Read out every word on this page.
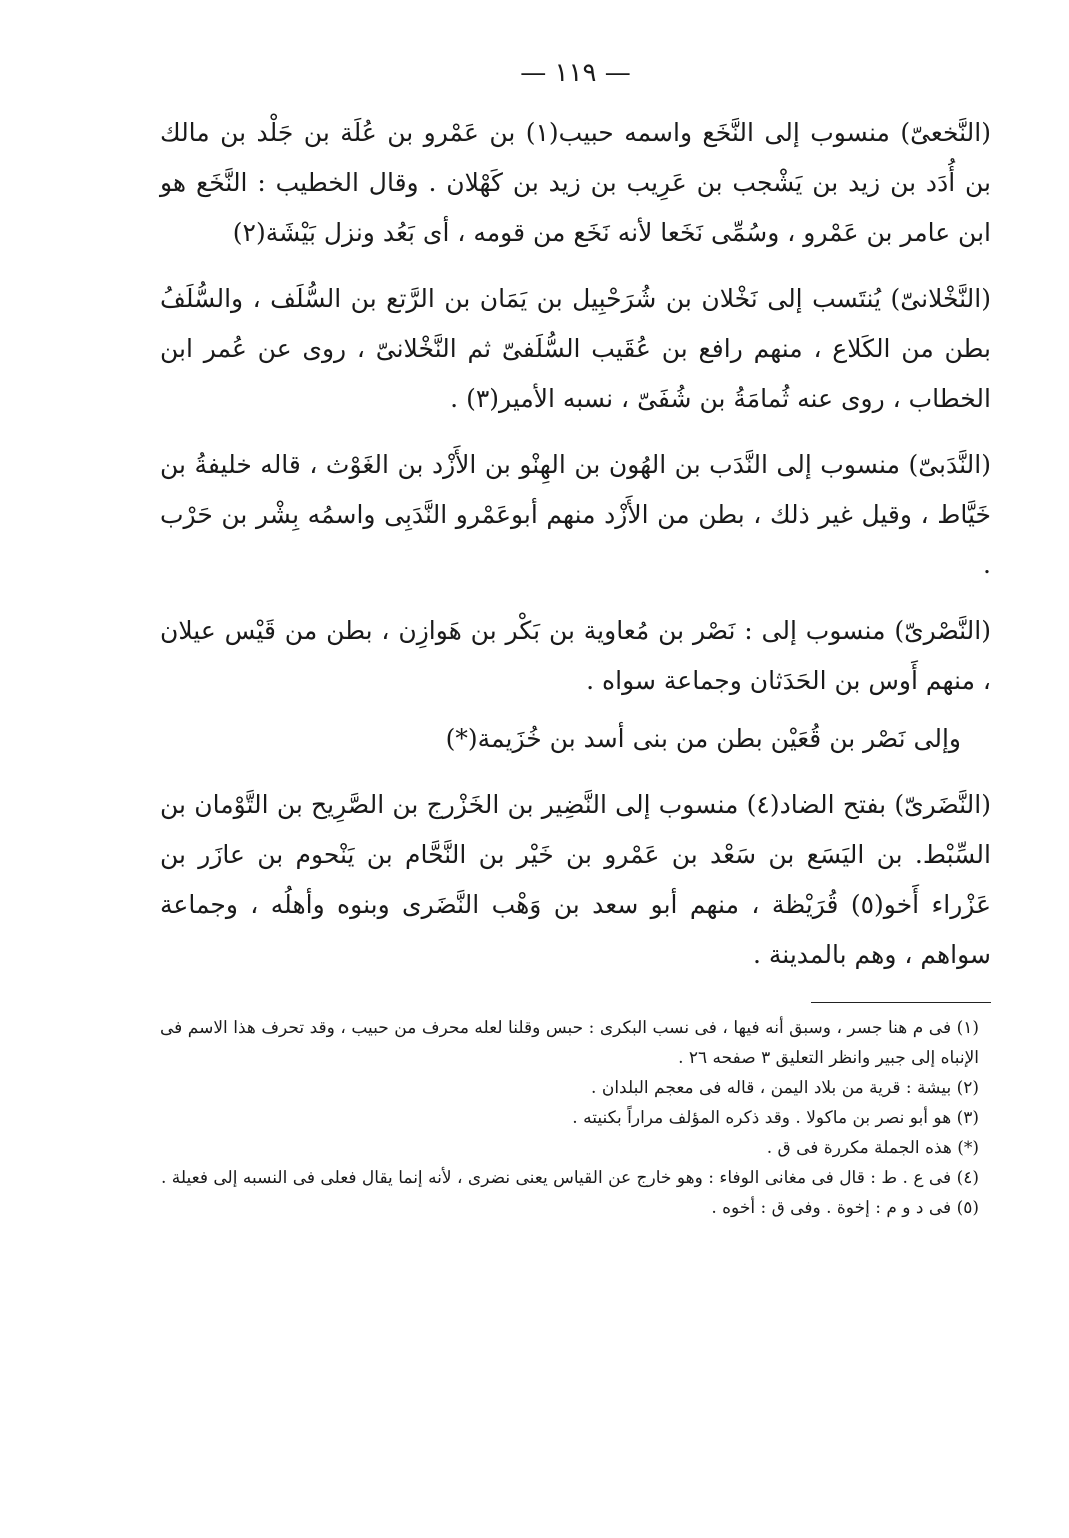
— ١١٩ —

(النَّخعىّ) منسوب إلى النَّخَع واسمه حبيب(١) بن عَمْرو بن عُلَة بن جَلْد بن مالك بن أُدَد بن زيد بن يَشْجب بن عَرِيب بن زيد بن كَهْلان . وقال الخطيب : النَّخَع هو ابن عامر بن عَمْرو ، وسُمِّى نَخَعا لأنه نَخَع من قومه ، أى بَعُد ونزل بَيْشَة(٢)

(النَّخْلانىّ) يُنتَسب إلى نَخْلان بن شُرَحْبِيل بن يَمَان بن الرَّتع بن السُّلَف ، والسُّلَفُ بطن من الكَلاع ، منهم رافع بن عُقَيب السُّلَفىّ ثم النَّخْلانىّ ، روى عن عُمر ابن الخطاب ، روى عنه ثُمامَةُ بن شُفَىّ ، نسبه الأمير(٣) .

(النَّدَبىّ) منسوب إلى النَّدَب بن الهُون بن الهِنْو بن الأَزْد بن الغَوْث ، قاله خليفةُ بن خَيَّاط ، وقيل غير ذلك ، بطن من الأَزْد منهم أبوعَمْرو النَّدَبِى واسمُه بِشْر بن حَرْب .

(النَّصْرىّ) منسوب إلى : نَصْر بن مُعاوية بن بَكْر بن هَوازِن ، بطن من قَيْس عيلان ، منهم أَوس بن الحَدَثان وجماعة سواه .

وإلى نَصْر بن قُعَيْن بطن من بنى أسد بن خُزَيمة(*)

(النَّضَرىّ) بفتح الضاد(٤) منسوب إلى النَّضِير بن الخَزْرج بن الصَّرِيح بن التَّوْمان بن السِّبْط. بن اليَسَع بن سَعْد بن عَمْرو بن خَيْر بن النَّحَّام بن يَنْحوم بن عازَر بن عَزْراء أَخو(٥) قُرَيْظة ، منهم أبو سعد بن وَهْب النَّضَرى وبنوه وأهلُه ، وجماعة سواهم ، وهم بالمدينة .

(١) فى م هنا جسر ، وسبق أنه فيها ، فى نسب البكرى : حبس وقلنا لعله محرف من حبيب ، وقد تحرف هذا الاسم فى الإنباه إلى جبير وانظر التعليق ٣ صفحه ٢٦ .

(٢) بيشة : قرية من بلاد اليمن ، قاله فى معجم البلدان .

(٣) هو أبو نصر بن ماكولا . وقد ذكره المؤلف مراراً بكنيته .

(*) هذه الجملة مكررة فى ق .

(٤) فى ع . ط : قال فى مغانى الوفاء : وهو خارج عن القياس يعنى نضرى ، لأنه إنما يقال فعلى فى النسبه إلى فعيلة .

(٥) فى د و م : إخوة . وفى ق : أخوه .
